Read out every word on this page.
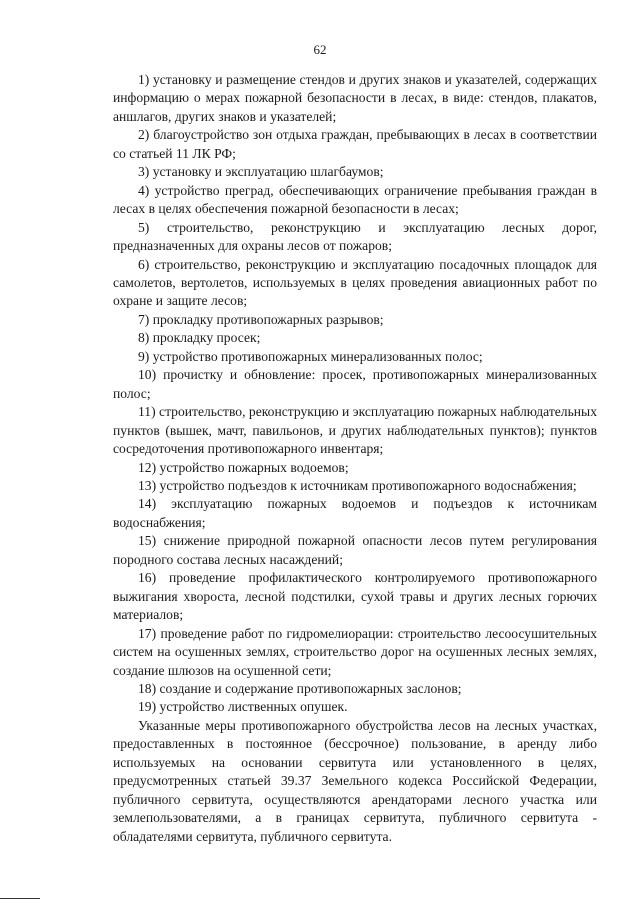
62

1) установку и размещение стендов и других знаков и указателей, содержащих информацию о мерах пожарной безопасности в лесах, в виде: стендов, плакатов, аншлагов, других знаков и указателей;

2) благоустройство зон отдыха граждан, пребывающих в лесах в соответствии со статьей 11 ЛК РФ;

3) установку и эксплуатацию шлагбаумов;

4) устройство преград, обеспечивающих ограничение пребывания граждан в лесах в целях обеспечения пожарной безопасности в лесах;

5) строительство, реконструкцию и эксплуатацию лесных дорог, предназначенных для охраны лесов от пожаров;

6) строительство, реконструкцию и эксплуатацию посадочных площадок для самолетов, вертолетов, используемых в целях проведения авиационных работ по охране и защите лесов;

7) прокладку противопожарных разрывов;

8) прокладку просек;

9) устройство противопожарных минерализованных полос;

10) прочистку и обновление: просек, противопожарных минерализованных полос;

11) строительство, реконструкцию и эксплуатацию пожарных наблюдательных пунктов (вышек, мачт, павильонов, и других наблюдательных пунктов); пунктов сосредоточения противопожарного инвентаря;

12) устройство пожарных водоемов;

13) устройство подъездов к источникам противопожарного водоснабжения;

14) эксплуатацию пожарных водоемов и подъездов к источникам водоснабжения;

15) снижение природной пожарной опасности лесов путем регулирования породного состава лесных насаждений;

16) проведение профилактического контролируемого противопожарного выжигания хвороста, лесной подстилки, сухой травы и других лесных горючих материалов;

17) проведение работ по гидромелиорации: строительство лесоосушительных систем на осушенных землях, строительство дорог на осушенных лесных землях, создание шлюзов на осушенной сети;

18) создание и содержание противопожарных заслонов;

19) устройство лиственных опушек.

Указанные меры противопожарного обустройства лесов на лесных участках, предоставленных в постоянное (бессрочное) пользование, в аренду либо используемых на основании сервитута или установленного в целях, предусмотренных статьей 39.37 Земельного кодекса Российской Федерации, публичного сервитута, осуществляются арендаторами лесного участка или землепользователями, а в границах сервитута, публичного сервитута - обладателями сервитута, публичного сервитута.
